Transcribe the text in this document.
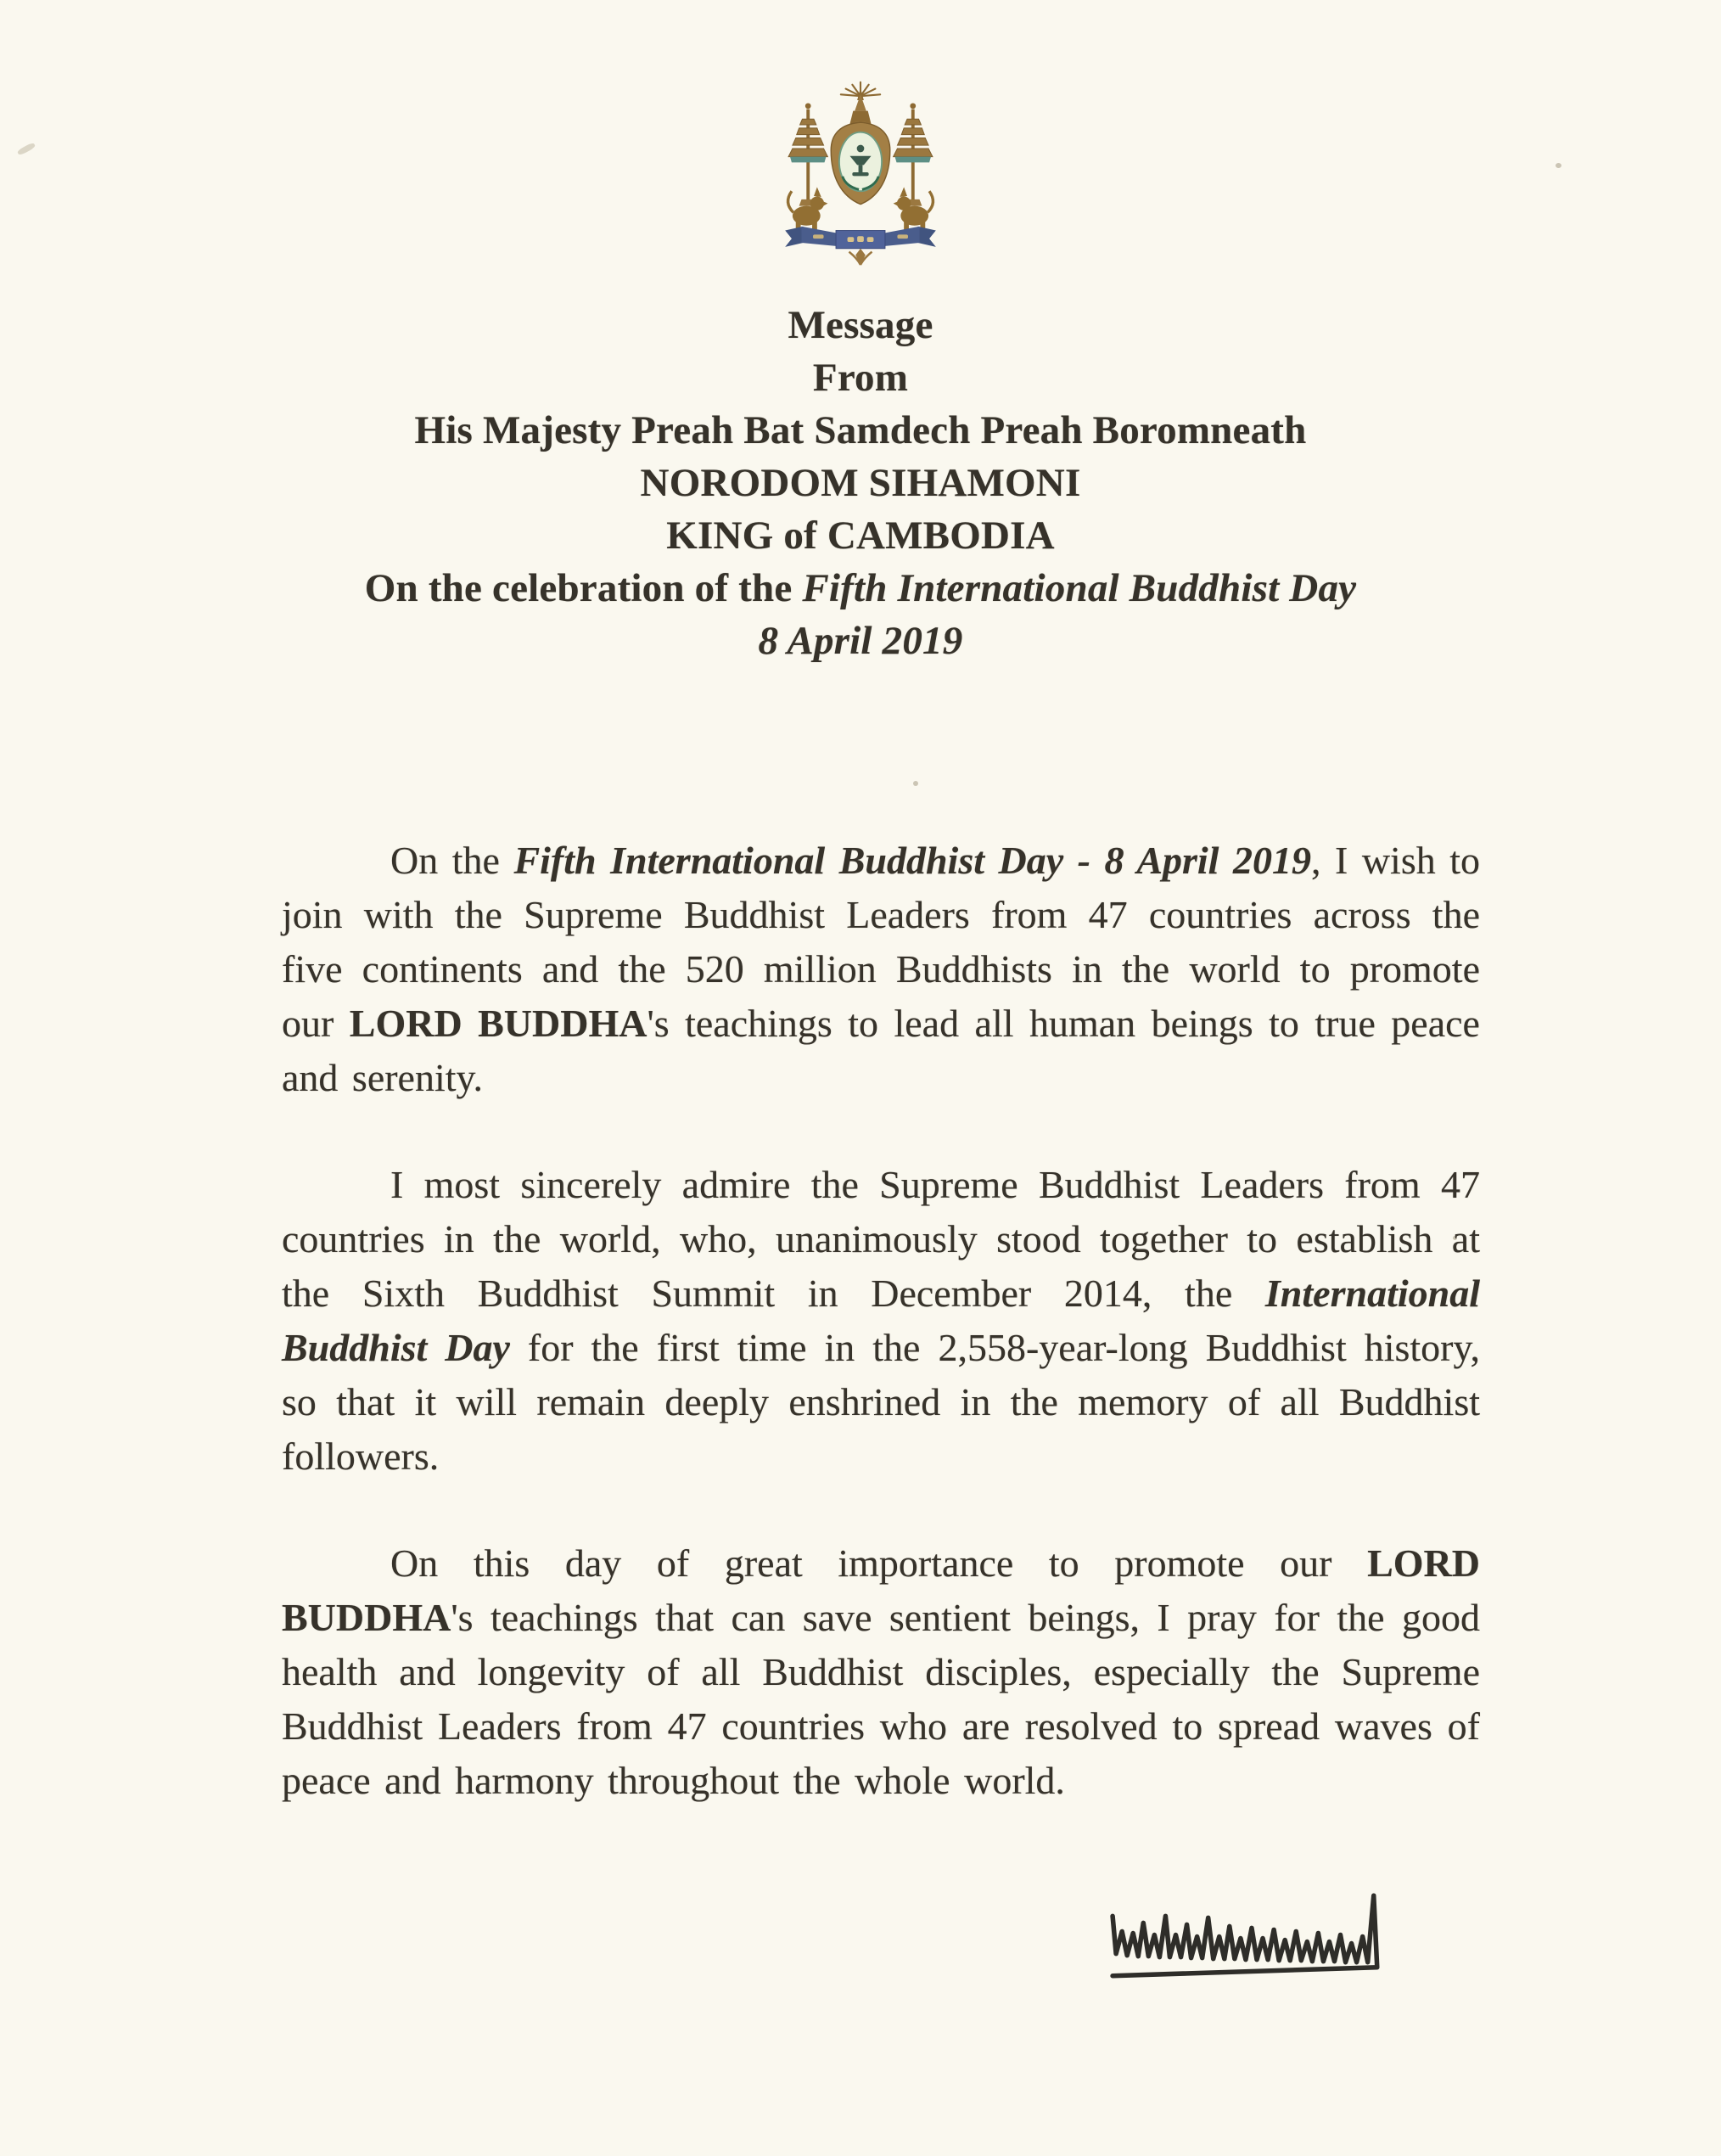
Message
From
His Majesty Preah Bat Samdech Preah Boromneath
NORODOM SIHAMONI
KING of CAMBODIA
On the celebration of the Fifth International Buddhist Day
8 April 2019

On the Fifth International Buddhist Day - 8 April 2019, I wish to join with the Supreme Buddhist Leaders from 47 countries across the five continents and the 520 million Buddhists in the world to promote our LORD BUDDHA's teachings to lead all human beings to true peace and serenity.

I most sincerely admire the Supreme Buddhist Leaders from 47 countries in the world, who, unanimously stood together to establish at the Sixth Buddhist Summit in December 2014, the International Buddhist Day for the first time in the 2,558-year-long Buddhist history, so that it will remain deeply enshrined in the memory of all Buddhist followers.

On this day of great importance to promote our LORD BUDDHA's teachings that can save sentient beings, I pray for the good health and longevity of all Buddhist disciples, especially the Supreme Buddhist Leaders from 47 countries who are resolved to spread waves of peace and harmony throughout the whole world.
